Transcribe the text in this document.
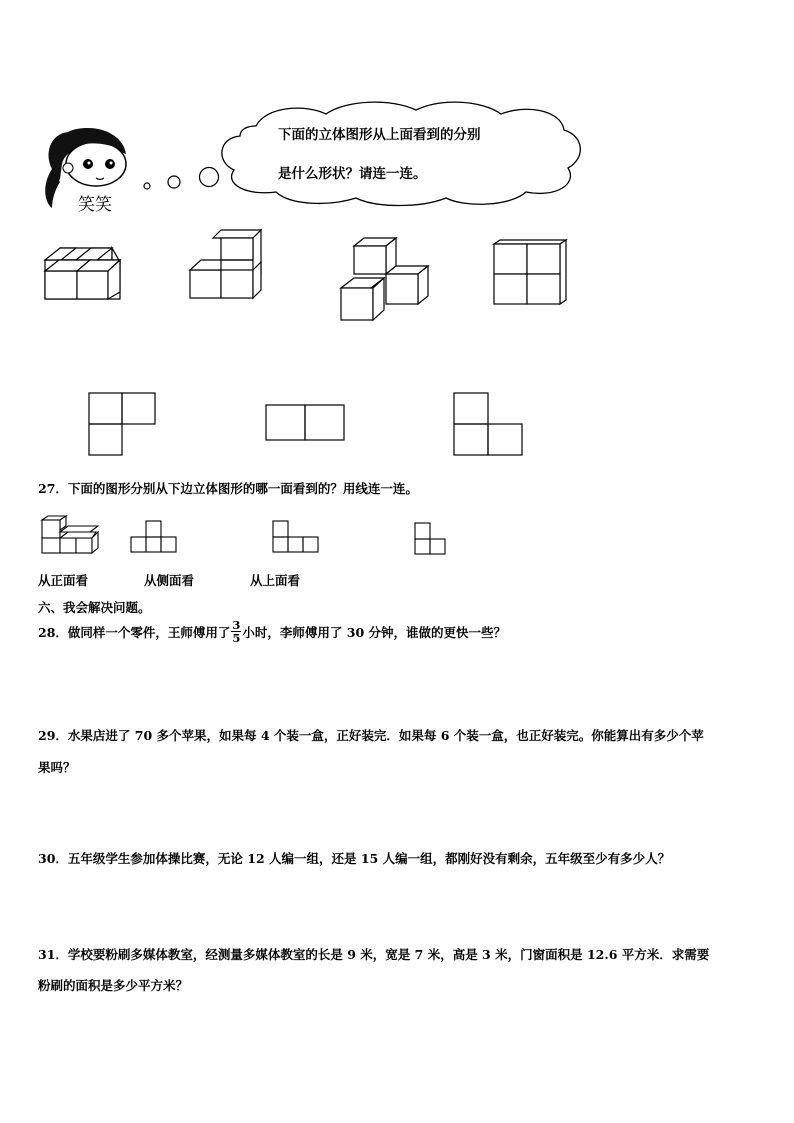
笑笑
下面的立体图形从上面看到的分别
是什么形状？请连一连。
27．下面的图形分别从下边立体图形的哪一面看到的？用线连一连。
从正面看	从侧面看	从上面看
六、我会解决问题。
28．做同样一个零件，王师傅用了 $\frac{3}{5}$ 小时，李师傅用了 30 分钟，谁做的更快一些？
29．水果店进了 70 多个苹果，如果每 4 个装一盒，正好装完．如果每 6 个装一盒，也正好装完。你能算出有多少个苹
果吗？
30．五年级学生参加体操比赛，无论 12 人编一组，还是 15 人编一组，都刚好没有剩余，五年级至少有多少人？
31．学校要粉刷多媒体教室，经测量多媒体教室的长是 9 米，宽是 7 米，高是 3 米，门窗面积是 12.6 平方米．求需要
粉刷的面积是多少平方米？
